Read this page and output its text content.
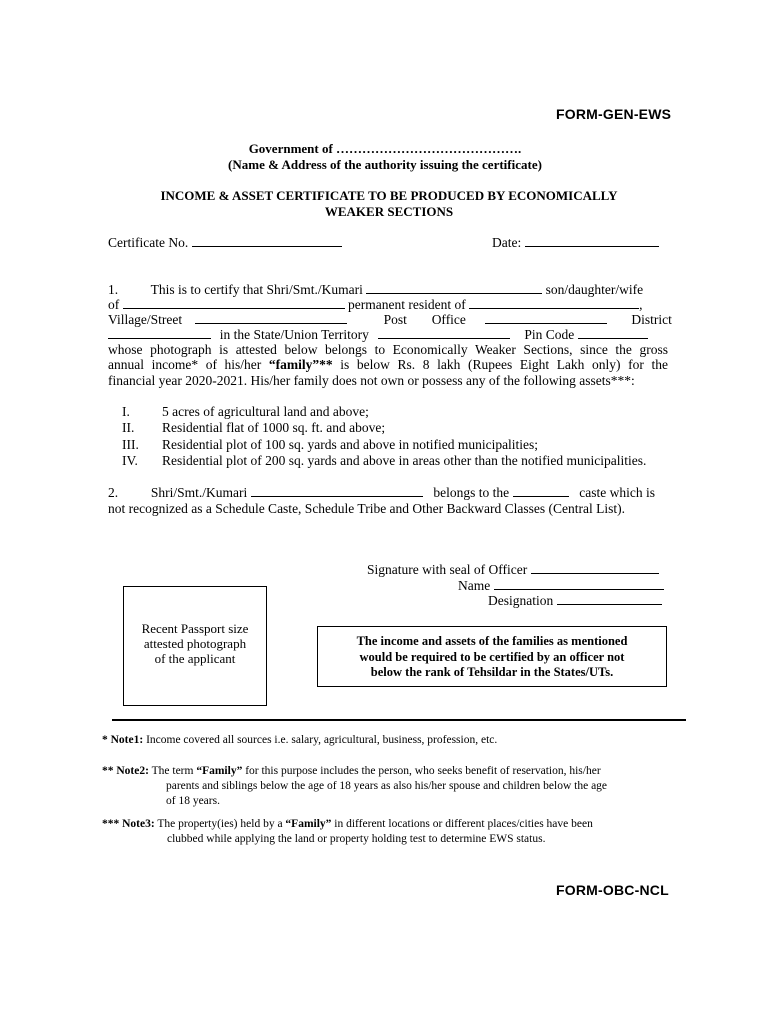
FORM-GEN-EWS
Government of …………………………………….
(Name & Address of the authority issuing the certificate)
INCOME & ASSET CERTIFICATE TO BE PRODUCED BY ECONOMICALLY
WEAKER SECTIONS
Certificate No.	Date:
1. This is to certify that Shri/Smt./Kumari	son/daughter/wife
of	permanent resident of	,
Village/Street	Post Office	District
in the State/Union Territory	Pin Code
whose photograph is attested below belongs to Economically Weaker Sections, since the gross
annual income* of his/her “family”** is below Rs. 8 lakh (Rupees Eight Lakh only) for the
financial year 2020-2021. His/her family does not own or possess any of the following assets***:
I. 5 acres of agricultural land and above;
II. Residential flat of 1000 sq. ft. and above;
III. Residential plot of 100 sq. yards and above in notified municipalities;
IV. Residential plot of 200 sq. yards and above in areas other than the notified municipalities.
2. Shri/Smt./Kumari	belongs to the	caste which is
not recognized as a Schedule Caste, Schedule Tribe and Other Backward Classes (Central List).
Signature with seal of Officer
Name
Designation
Recent Passport size
attested photograph
of the applicant
The income and assets of the families as mentioned
would be required to be certified by an officer not
below the rank of Tehsildar in the States/UTs.
* Note1: Income covered all sources i.e. salary, agricultural, business, profession, etc.
** Note2: The term “Family” for this purpose includes the person, who seeks benefit of reservation, his/her
parents and siblings below the age of 18 years as also his/her spouse and children below the age
of 18 years.
*** Note3: The property(ies) held by a “Family” in different locations or different places/cities have been
clubbed while applying the land or property holding test to determine EWS status.
FORM-OBC-NCL
